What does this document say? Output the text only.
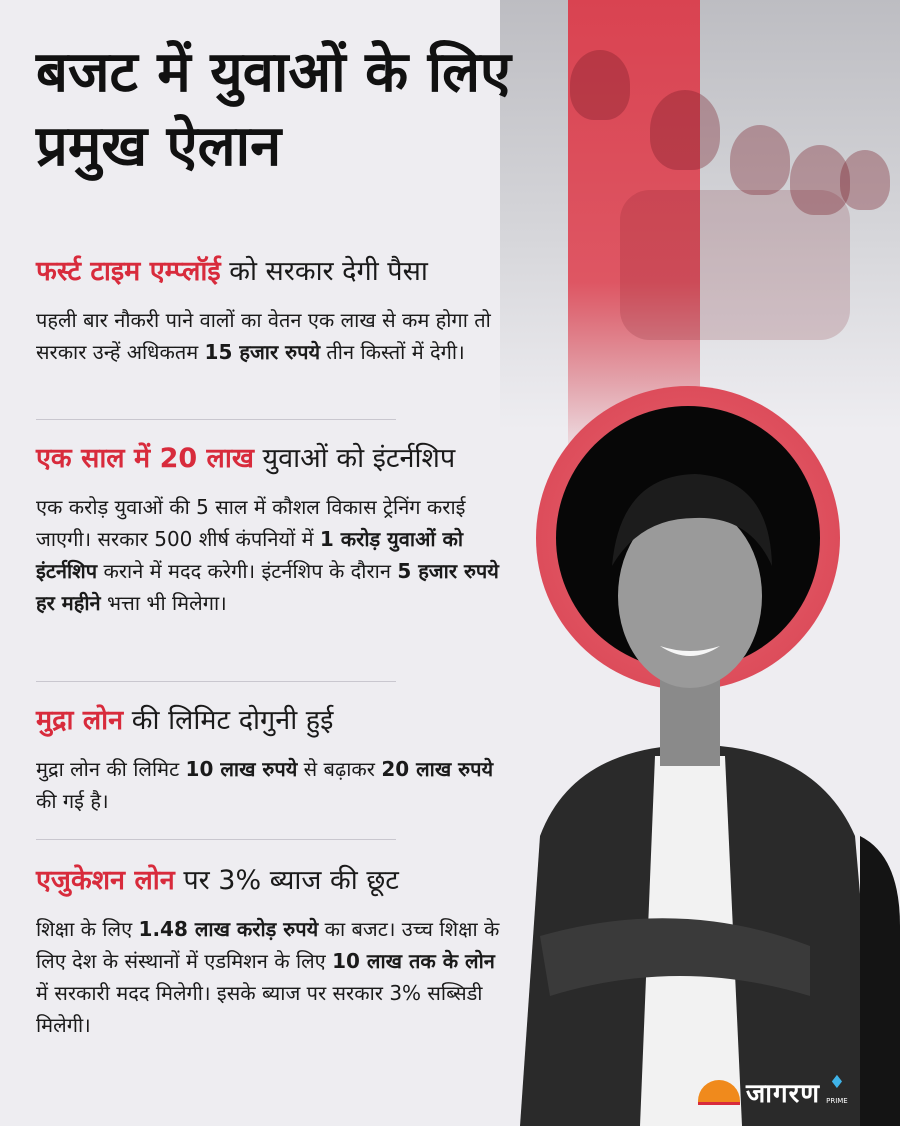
बजट में युवाओं के लिए प्रमुख ऐलान
फर्स्ट टाइम एम्प्लॉई को सरकार देगी पैसा

पहली बार नौकरी पाने वालों का वेतन एक लाख से कम होगा तो सरकार उन्हें अधिकतम 15 हजार रुपये तीन किस्तों में देगी।

एक साल में 20 लाख युवाओं को इंटर्नशिप

एक करोड़ युवाओं की 5 साल में कौशल विकास ट्रेनिंग कराई जाएगी। सरकार 500 शीर्ष कंपनियों में 1 करोड़ युवाओं को इंटर्नशिप कराने में मदद करेगी। इंटर्नशिप के दौरान 5 हजार रुपये हर महीने भत्ता भी मिलेगा।

मुद्रा लोन की लिमिट दोगुनी हुई

मुद्रा लोन की लिमिट 10 लाख रुपये से बढ़ाकर 20 लाख रुपये की गई है।

एजुकेशन लोन पर 3% ब्याज की छूट

शिक्षा के लिए 1.48 लाख करोड़ रुपये का बजट। उच्च शिक्षा के लिए देश के संस्थानों में एडमिशन के लिए 10 लाख तक के लोन में सरकारी मदद मिलेगी। इसके ब्याज पर सरकार 3% सब्सिडी मिलेगी।

जागरण ♦
PRIME
